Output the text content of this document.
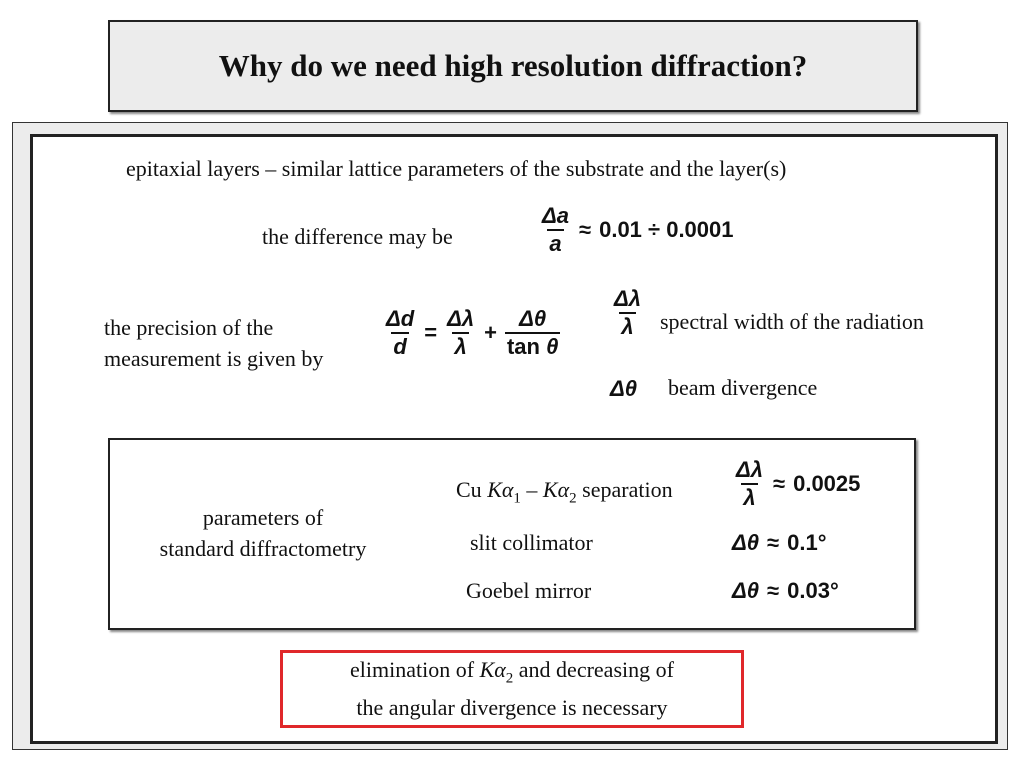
Why do we need high resolution diffraction?
epitaxial layers – similar lattice parameters of the substrate and the layer(s)
the difference may be	$\frac{\Delta a}{a} \approx 0.01 \div 0.0001$
the precision of the
measurement is given by	$\frac{\Delta d}{d} = \frac{\Delta\lambda}{\lambda} + \frac{\Delta\theta}{\text{tan θ}} \frac{\Delta\lambda}{\lambda}$ spectral width of the radiation
Δθ beam divergence
parameters of
standard diffractometry
Cu $K\alpha_1 - K\alpha_2$ separation	$\frac{\Delta\lambda}{\lambda} \approx 0.0025$
slit collimator	Δθ ≈ 0.1°
Goebel mirror	Δθ ≈ 0.03°
elimination of $K\alpha_2$ and decreasing of
the angular divergence is necessary
